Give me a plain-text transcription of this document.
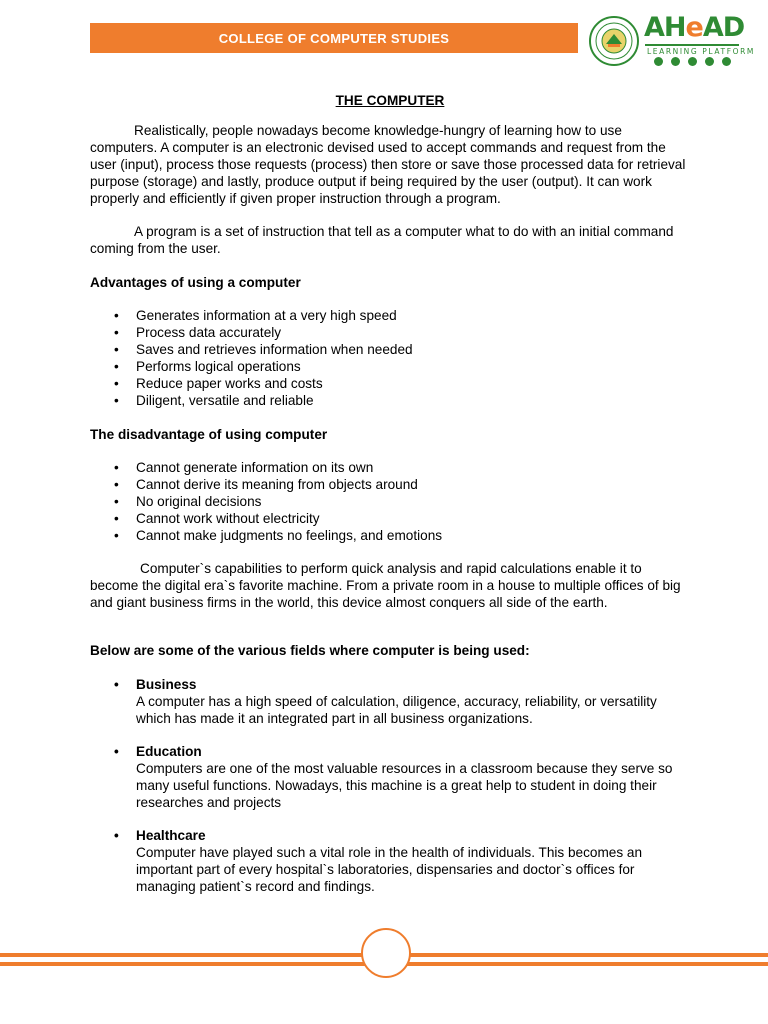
COLLEGE OF COMPUTER STUDIES	AHeAD
LEARNING PLATFORM
THE COMPUTER

Realistically, people nowadays become knowledge-hungry of learning how to use computers. A computer is an electronic devised used to accept commands and request from the user (input), process those requests (process) then store or save those processed data for retrieval purpose (storage) and lastly, produce output if being required by the user (output). It can work properly and efficiently if given proper instruction through a program.

A program is a set of instruction that tell as a computer what to do with an initial command coming from the user.

Advantages of using a computer
• Generates information at a very high speed
• Process data accurately
• Saves and retrieves information when needed
• Performs logical operations
• Reduce paper works and costs
• Diligent, versatile and reliable
The disadvantage of using computer
• Cannot generate information on its own
• Cannot derive its meaning from objects around
• No original decisions
• Cannot work without electricity
• Cannot make judgments no feelings, and emotions

Computer`s capabilities to perform quick analysis and rapid calculations enable it to become the digital era`s favorite machine. From a private room in a house to multiple offices of big and giant business firms in the world, this device almost conquers all side of the earth.

Below are some of the various fields where computer is being used:
• Business
A computer has a high speed of calculation, diligence, accuracy, reliability, or versatility which has made it an integrated part in all business organizations.
• Education
Computers are one of the most valuable resources in a classroom because they serve so many useful functions. Nowadays, this machine is a great help to student in doing their researches and projects
• Healthcare
Computer have played such a vital role in the health of individuals. This becomes an important part of every hospital`s laboratories, dispensaries and doctor`s offices for managing patient`s record and findings.
